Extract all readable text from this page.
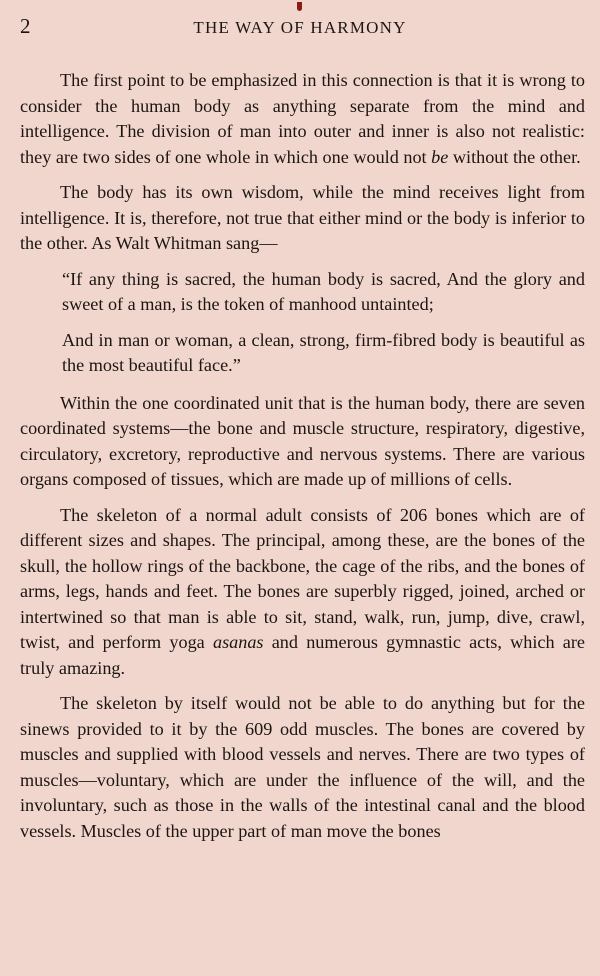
2	THE WAY OF HARMONY

The first point to be emphasized in this connection is that it is wrong to consider the human body as anything separate from the mind and intelligence. The division of man into outer and inner is also not realistic: they are two sides of one whole in which one would not be without the other.

The body has its own wisdom, while the mind receives light from intelligence. It is, therefore, not true that either mind or the body is inferior to the other. As Walt Whitman sang—

“If any thing is sacred, the human body is sacred, And the glory and sweet of a man, is the token of manhood untainted;

And in man or woman, a clean, strong, firm-fibred body is beautiful as the most beautiful face.”

Within the one coordinated unit that is the human body, there are seven coordinated systems—the bone and muscle structure, respiratory, digestive, circulatory, excretory, reproductive and nervous systems. There are various organs composed of tissues, which are made up of millions of cells.

The skeleton of a normal adult consists of 206 bones which are of different sizes and shapes. The principal, among these, are the bones of the skull, the hollow rings of the backbone, the cage of the ribs, and the bones of arms, legs, hands and feet. The bones are superbly rigged, joined, arched or intertwined so that man is able to sit, stand, walk, run, jump, dive, crawl, twist, and perform yoga asanas and numerous gymnastic acts, which are truly amazing.

The skeleton by itself would not be able to do anything but for the sinews provided to it by the 609 odd muscles. The bones are covered by muscles and supplied with blood vessels and nerves. There are two types of muscles—voluntary, which are under the influence of the will, and the involuntary, such as those in the walls of the intestinal canal and the blood vessels. Muscles of the upper part of man move the bones
